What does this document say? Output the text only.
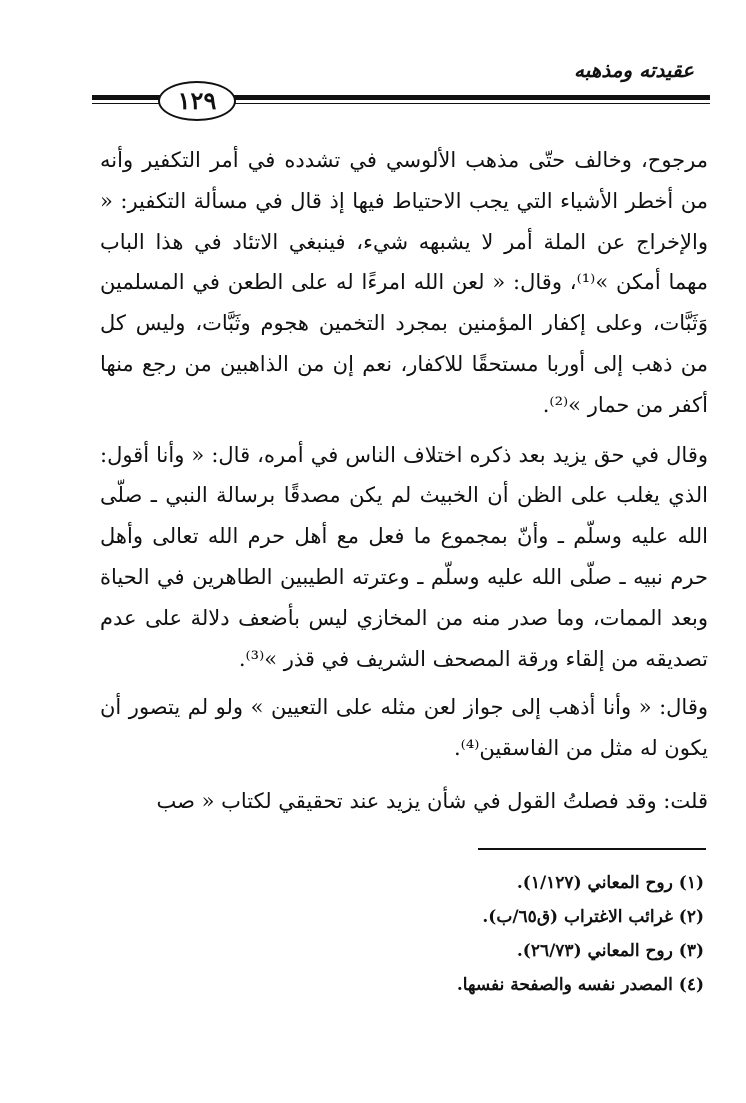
عقيدته ومذهبه
١٢٩

مرجوح، وخالف حتّى مذهب الألوسي في تشدده في أمر التكفير وأنه من أخطر الأشياء التي يجب الاحتياط فيها إذ قال في مسألة التكفير: « والإخراج عن الملة أمر لا يشبهه شيء، فينبغي الاتئاد في هذا الباب مهما أمكن »⁽¹⁾، وقال: « لعن الله امرءًا له على الطعن في المسلمين وَثَبَّات، وعلى إكفار المؤمنين بمجرد التخمين هجوم وثَبَّات، وليس كل من ذهب إلى أوربا مستحقًا للاكفار، نعم إن من الذاهبين من رجع منها أكفر من حمار »⁽²⁾.

وقال في حق يزيد بعد ذكره اختلاف الناس في أمره، قال: « وأنا أقول: الذي يغلب على الظن أن الخبيث لم يكن مصدقًا برسالة النبي ـ صلّى الله عليه وسلّم ـ وأنّ بمجموع ما فعل مع أهل حرم الله تعالى وأهل حرم نبيه ـ صلّى الله عليه وسلّم ـ وعترته الطيبين الطاهرين في الحياة وبعد الممات، وما صدر منه من المخازي ليس بأضعف دلالة على عدم تصديقه من إلقاء ورقة المصحف الشريف في قذر »⁽³⁾.

وقال: « وأنا أذهب إلى جواز لعن مثله على التعيين » ولو لم يتصور أن يكون له مثل من الفاسقين⁽⁴⁾.

قلت: وقد فصلتُ القول في شأن يزيد عند تحقيقي لكتاب « صب

(١) روح المعاني (١/١٢٧).

(٢) غرائب الاغتراب (ق٦٥/ب).

(٣) روح المعاني (٢٦/٧٣).

(٤) المصدر نفسه والصفحة نفسها.
